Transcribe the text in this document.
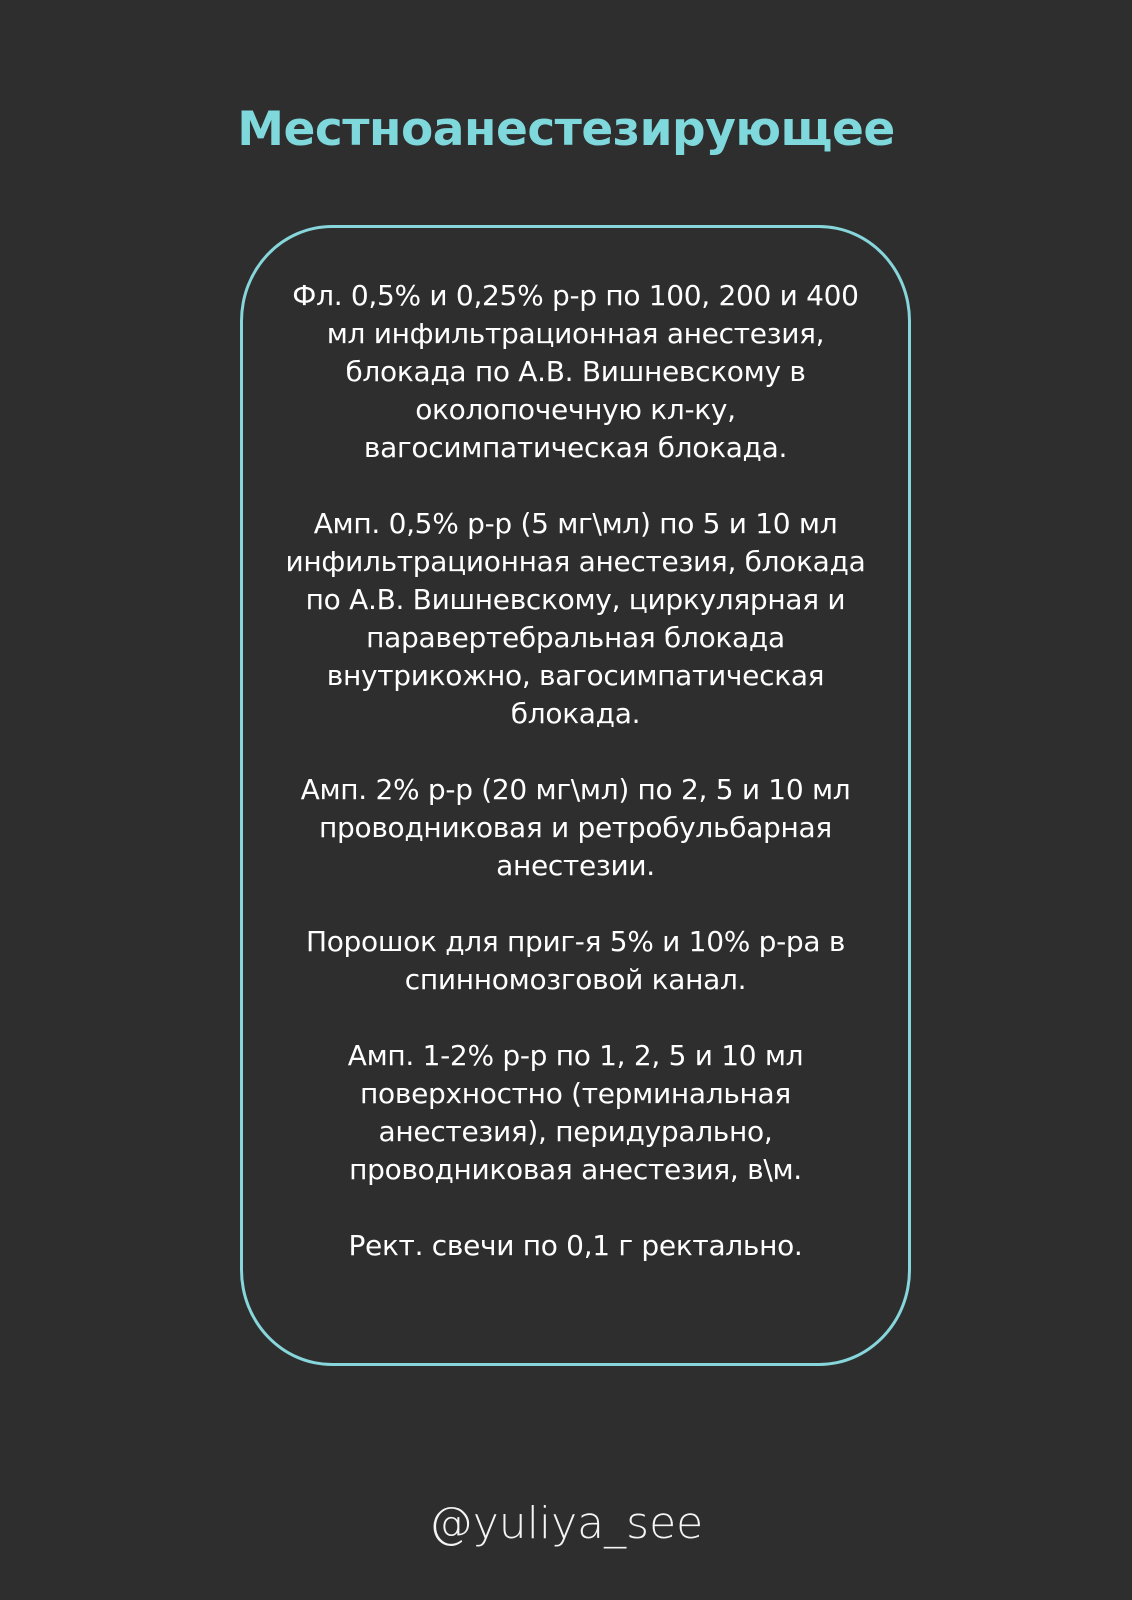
Местноанестезирующее

Фл. 0,5% и 0,25% р-р по 100, 200 и 400 мл инфильтрационная анестезия, блокада по А.В. Вишневскому в околопочечную кл-ку, вагосимпатическая блокада.

Амп. 0,5% р-р (5 мг\мл) по 5 и 10 мл инфильтрационная анестезия, блокада по А.В. Вишневскому, циркулярная и паравертебральная блокада внутрикожно, вагосимпатическая блокада.

Амп. 2% р-р (20 мг\мл) по 2, 5 и 10 мл проводниковая и ретробульбарная анестезии.

Порошок для приг-я 5% и 10% р-ра в спинномозговой канал.

Амп. 1-2% р-р по 1, 2, 5 и 10 мл поверхностно (терминальная анестезия), перидурально, проводниковая анестезия, в\м.

Рект. свечи по 0,1 г ректально.

@yuliya_see
